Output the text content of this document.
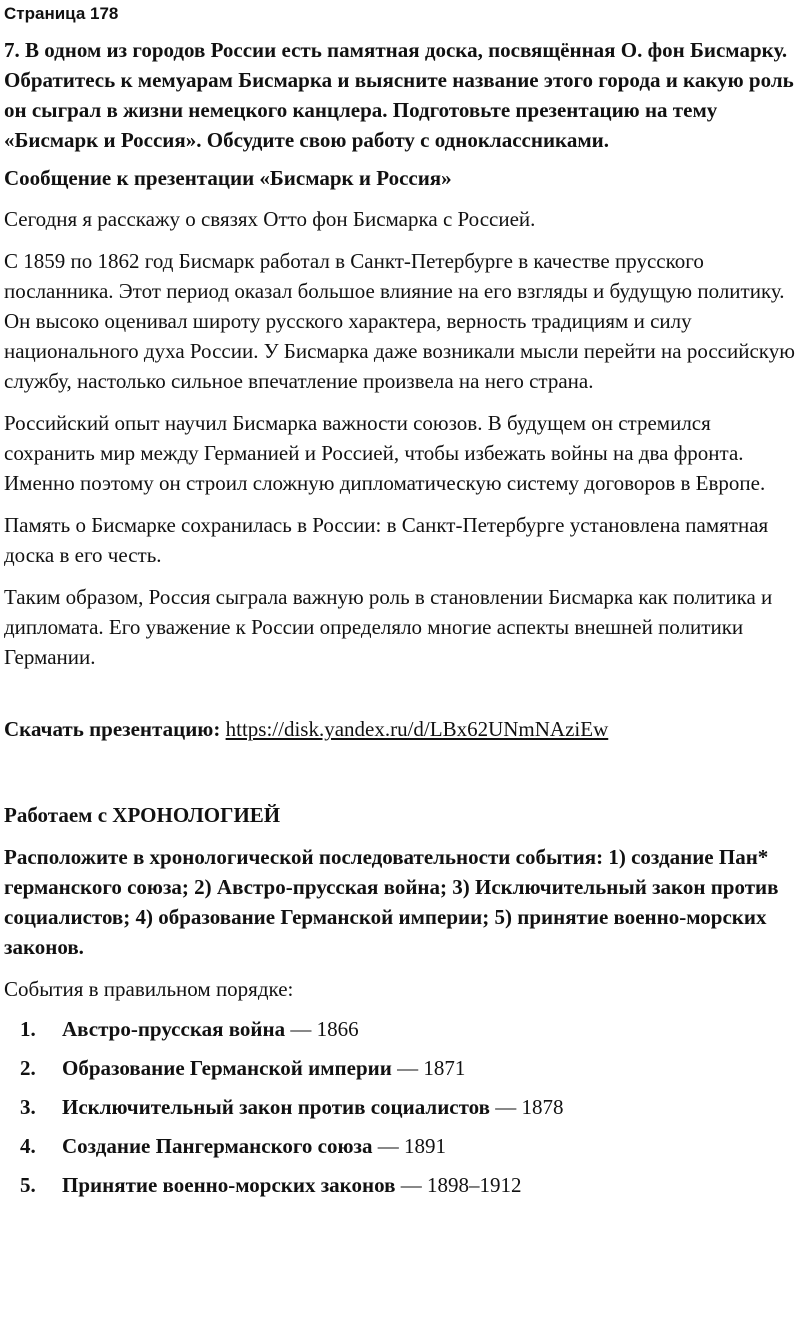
Страница 178

7. В одном из городов России есть памятная доска, посвящённая О. фон Бисмарку. Обратитесь к мемуарам Бисмарка и выясните название этого города и какую роль он сыграл в жизни немецкого канцлера. Подготовьте презентацию на тему «Бисмарк и Россия». Обсудите свою работу с одноклассниками.

Сообщение к презентации «Бисмарк и Россия»

Сегодня я расскажу о связях Отто фон Бисмарка с Россией.

С 1859 по 1862 год Бисмарк работал в Санкт-Петербурге в качестве прусского посланника. Этот период оказал большое влияние на его взгляды и будущую политику. Он высоко оценивал широту русского характера, верность традициям и силу национального духа России. У Бисмарка даже возникали мысли перейти на российскую службу, настолько сильное впечатление произвела на него страна.

Российский опыт научил Бисмарка важности союзов. В будущем он стремился сохранить мир между Германией и Россией, чтобы избежать войны на два фронта. Именно поэтому он строил сложную дипломатическую систему договоров в Европе.

Память о Бисмарке сохранилась в России: в Санкт-Петербурге установлена памятная доска в его честь.

Таким образом, Россия сыграла важную роль в становлении Бисмарка как политика и дипломата. Его уважение к России определяло многие аспекты внешней политики Германии.

Скачать презентацию: https://disk.yandex.ru/d/LBx62UNmNAziEw

Работаем с ХРОНОЛОГИЕЙ

Расположите в хронологической последовательности события: 1) создание Пан* германского союза; 2) Австро-прусская война; 3) Исключительный закон против социалистов; 4) образование Германской империи; 5) принятие военно-морских законов.

События в правильном порядке:

1.	Австро-прусская война — 1866
2.	Образование Германской империи — 1871
3.	Исключительный закон против социалистов — 1878
4.	Создание Пангерманского союза — 1891
5.	Принятие военно-морских законов — 1898–1912
